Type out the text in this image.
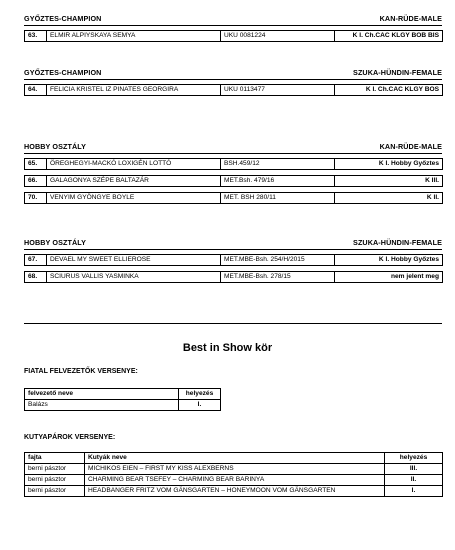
GYŐZTES-CHAMPION	KAN-RÜDE-MALE
63.	ELMIR ALPIYSKAYA SEMYA	UKU 0081224	K I. Ch.CAC KLGY BOB BIS
GYŐZTES-CHAMPION	SZUKA-HÜNDIN-FEMALE
64.	FELICIA KRISTEL IZ PINATES GEORGIRA	UKU 0113477	K I. Ch.CAC KLGY BOS
HOBBY OSZTÁLY	KAN-RÜDE-MALE
65.	ÖREGHEGYI-MACKÓ LOXIGÉN LOTTÓ	BSH.459/12	K I. Hobby Győztes

66.	GALAGONYA SZÉPE BALTAZÁR	MET.Bsh. 479/16	K III.

70.	VENYIM GYÖNGYE BOYLE	MET. BSH 280/11	K II.
HOBBY OSZTÁLY	SZUKA-HÜNDIN-FEMALE
67.	DEVAEL MY SWEET ELLIEROSE	MET.MBE-Bsh. 254/H/2015	K I. Hobby Győztes

68.	SCIURUS VALLIS YASMINKA	MET.MBE-Bsh. 278/15	nem jelent meg
Best in Show kör
FIATAL FELVEZETŐK VERSENYE:
felvezető neve	helyezés
Balázs	I.
KUTYAPÁROK VERSENYE:
fajta	Kutyák neve	helyezés
berni pásztor	MICHIKOS EIEN – FIRST MY KISS ALEXBERNS	III.
berni pásztor	CHARMING BEAR TSEFEY – CHARMING BEAR BARINYA	II.
berni pásztor	HEADBANGER FRITZ VOM GÄNSGARTEN – HONEYMOON VOM GÄNSGARTEN	I.
